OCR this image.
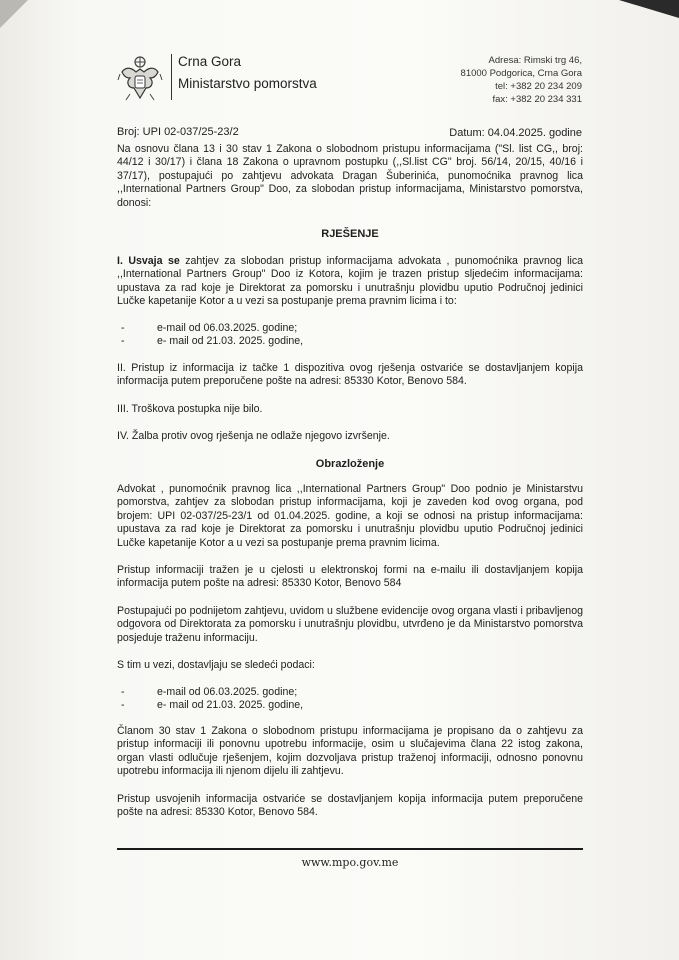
Crna Gora
Ministarstvo pomorstva
Adresa: Rimski trg 46,
81000 Podgorica, Crna Gora
tel: +382 20 234 209
fax: +382 20 234 331
Broj: UPI 02-037/25-23/2	Datum: 04.04.2025. godine
Na osnovu člana 13 i 30 stav 1 Zakona o slobodnom pristupu informacijama ("Sl. list CG,, broj: 44/12 i 30/17) i člana 18 Zakona o upravnom postupku (,,Sl.list CG" broj. 56/14, 20/15, 40/16 i 37/17), postupajući po zahtjevu advokata Dragan Šuberinića, punomoćnika pravnog lica ,,International Partners Group" Doo, za slobodan pristup informacijama, Ministarstvo pomorstva, donosi:
RJEŠENJE
I. Usvaja se zahtjev za slobodan pristup informacijama advokata , punomoćnika pravnog lica ,,International Partners Group" Doo iz Kotora, kojim je trazen pristup sljedećim informacijama: upustava za rad koje je Direktorat za pomorsku i unutrašnju plovidbu uputio Područnoj jedinici Lučke kapetanije Kotor a u vezi sa postupanje prema pravnim licima i to:
- e-mail od 06.03.2025. godine;
- e- mail od 21.03. 2025. godine,
II. Pristup iz informacija iz tačke 1 dispozitiva ovog rješenja ostvariće se dostavljanjem kopija informacija putem preporučene pošte na adresi: 85330 Kotor, Benovo 584.
III. Troškova postupka nije bilo.
IV. Žalba protiv ovog rješenja ne odlaže njegovo izvršenje.
Obrazloženje
Advokat , punomoćnik pravnog lica ,,International Partners Group" Doo podnio je Ministarstvu pomorstva, zahtjev za slobodan pristup informacijama, koji je zaveden kod ovog organa, pod brojem: UPI 02-037/25-23/1 od 01.04.2025. godine, a koji se odnosi na pristup informacijama: upustava za rad koje je Direktorat za pomorsku i unutrašnju plovidbu uputio Područnoj jedinici Lučke kapetanije Kotor a u vezi sa postupanje prema pravnim licima.
Pristup informaciji tražen je u cjelosti u elektronskoj formi na e-mailu ili dostavljanjem kopija informacija putem pošte na adresi: 85330 Kotor, Benovo 584
Postupajući po podnijetom zahtjevu, uvidom u službene evidencije ovog organa vlasti i pribavljenog odgovora od Direktorata za pomorsku i unutrašnju plovidbu, utvrđeno je da Ministarstvo pomorstva posjeduje traženu informaciju.
S tim u vezi, dostavljaju se sledeći podaci:
- e-mail od 06.03.2025. godine;
- e- mail od 21.03. 2025. godine,
Članom 30 stav 1 Zakona o slobodnom pristupu informacijama je propisano da o zahtjevu za pristup informaciji ili ponovnu upotrebu informacije, osim u slučajevima člana 22 istog zakona, organ vlasti odlučuje rješenjem, kojim dozvoljava pristup traženoj informaciji, odnosno ponovnu upotrebu informacija ili njenom dijelu ili zahtjevu.
Pristup usvojenih informacija ostvariće se dostavljanjem kopija informacija putem preporučene pošte na adresi: 85330 Kotor, Benovo 584.
www.mpo.gov.me
